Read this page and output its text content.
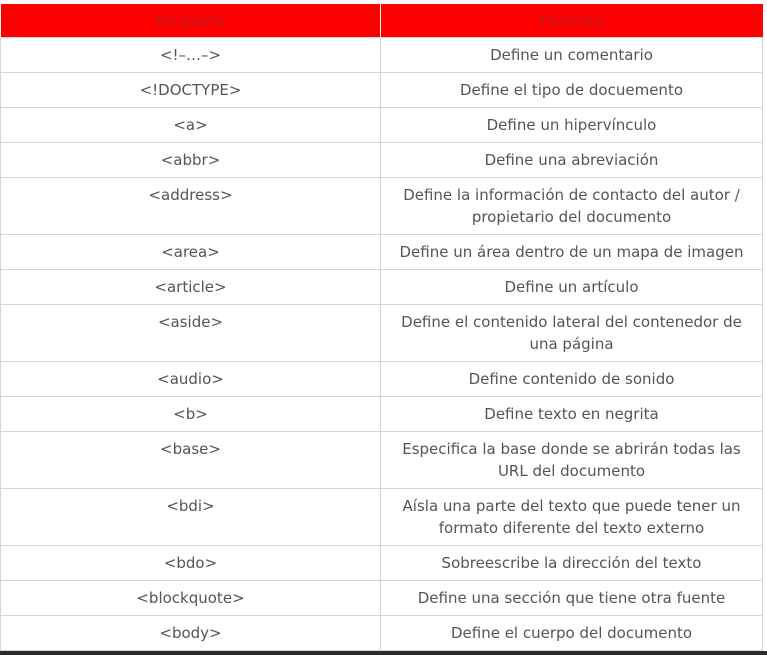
Etiqueta	Función
<!–…–>	Define un comentario
<!DOCTYPE>	Define el tipo de docuemento
<a>	Define un hipervínculo
<abbr>	Define una abreviación
<address>	Define la información de contacto del autor / propietario del documento
<area>	Define un área dentro de un mapa de imagen
<article>	Define un artículo
<aside>	Define el contenido lateral del contenedor de una página
<audio>	Define contenido de sonido
<b>	Define texto en negrita
<base>	Especifica la base donde se abrirán todas las URL del documento
<bdi>	Aísla una parte del texto que puede tener un formato diferente del texto externo
<bdo>	Sobreescribe la dirección del texto
<blockquote>	Define una sección que tiene otra fuente
<body>	Define el cuerpo del documento
